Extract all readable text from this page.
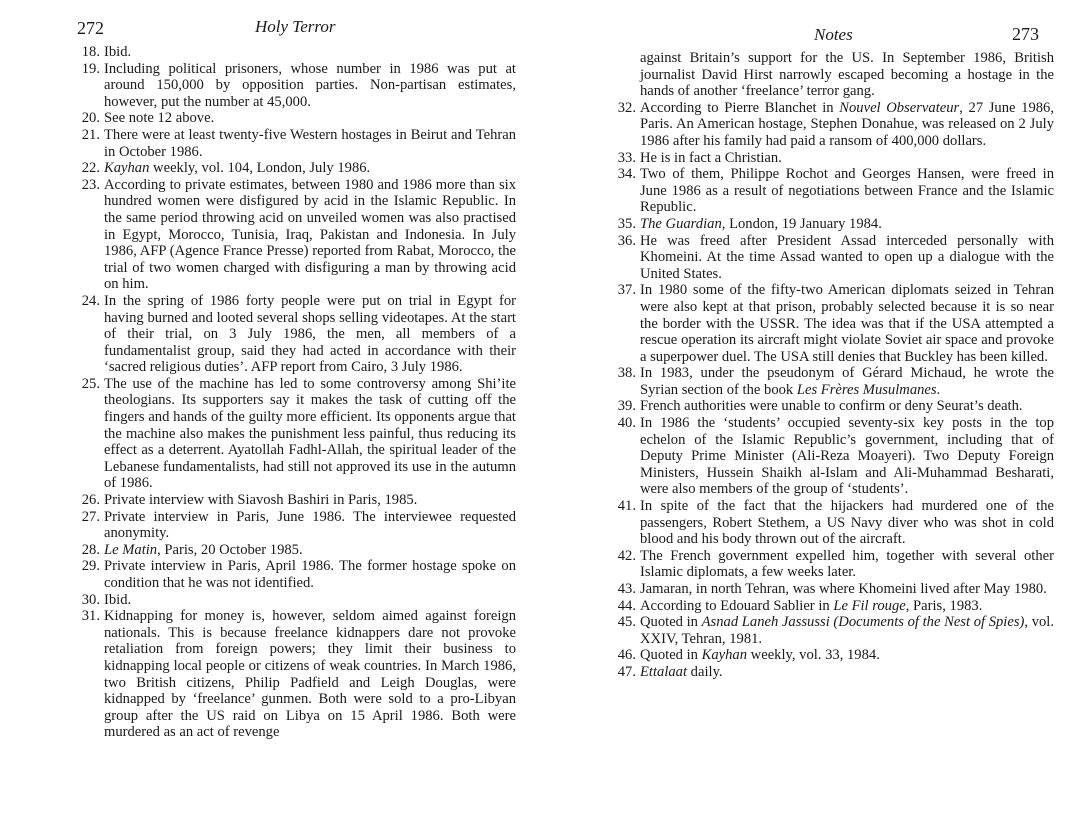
272	Holy Terror
18. Ibid.
19. Including political prisoners, whose number in 1986 was put at around 150,000 by opposition parties. Non-partisan estimates, however, put the number at 45,000.
20. See note 12 above.
21. There were at least twenty-five Western hostages in Beirut and Tehran in October 1986.
22. Kayhan weekly, vol. 104, London, July 1986.
23. According to private estimates, between 1980 and 1986 more than six hundred women were disfigured by acid in the Islamic Republic. In the same period throwing acid on unveiled women was also practised in Egypt, Morocco, Tunisia, Iraq, Pakistan and Indonesia. In July 1986, AFP (Agence France Presse) reported from Rabat, Morocco, the trial of two women charged with disfiguring a man by throwing acid on him.
24. In the spring of 1986 forty people were put on trial in Egypt for having burned and looted several shops selling videotapes. At the start of their trial, on 3 July 1986, the men, all members of a fundamentalist group, said they had acted in accordance with their ‘sacred religious duties’. AFP report from Cairo, 3 July 1986.
25. The use of the machine has led to some controversy among Shi’ite theologians. Its supporters say it makes the task of cutting off the fingers and hands of the guilty more efficient. Its opponents argue that the machine also makes the punishment less painful, thus reducing its effect as a deterrent. Ayatollah Fadhl-Allah, the spiritual leader of the Lebanese fundamentalists, had still not approved its use in the autumn of 1986.
26. Private interview with Siavosh Bashiri in Paris, 1985.
27. Private interview in Paris, June 1986. The interviewee requested anonymity.
28. Le Matin, Paris, 20 October 1985.
29. Private interview in Paris, April 1986. The former hostage spoke on condition that he was not identified.
30. Ibid.
31. Kidnapping for money is, however, seldom aimed against foreign nationals. This is because freelance kidnappers dare not provoke retaliation from foreign powers; they limit their business to kidnapping local people or citizens of weak countries. In March 1986, two British citizens, Philip Padfield and Leigh Douglas, were kidnapped by ‘freelance’ gunmen. Both were sold to a pro-Libyan group after the US raid on Libya on 15 April 1986. Both were murdered as an act of revenge
Notes	273
against Britain’s support for the US. In September 1986, British journalist David Hirst narrowly escaped becoming a hostage in the hands of another ‘freelance’ terror gang.
32. According to Pierre Blanchet in Nouvel Observateur, 27 June 1986, Paris. An American hostage, Stephen Donahue, was released on 2 July 1986 after his family had paid a ransom of 400,000 dollars.
33. He is in fact a Christian.
34. Two of them, Philippe Rochot and Georges Hansen, were freed in June 1986 as a result of negotiations between France and the Islamic Republic.
35. The Guardian, London, 19 January 1984.
36. He was freed after President Assad interceded personally with Khomeini. At the time Assad wanted to open up a dialogue with the United States.
37. In 1980 some of the fifty-two American diplomats seized in Tehran were also kept at that prison, probably selected because it is so near the border with the USSR. The idea was that if the USA attempted a rescue operation its aircraft might violate Soviet air space and provoke a superpower duel. The USA still denies that Buckley has been killed.
38. In 1983, under the pseudonym of Gérard Michaud, he wrote the Syrian section of the book Les Frères Musulmanes.
39. French authorities were unable to confirm or deny Seurat’s death.
40. In 1986 the ‘students’ occupied seventy-six key posts in the top echelon of the Islamic Republic’s government, including that of Deputy Prime Minister (Ali-Reza Moayeri). Two Deputy Foreign Ministers, Hussein Shaikh al-Islam and Ali-Muhammad Besharati, were also members of the group of ‘students’.
41. In spite of the fact that the hijackers had murdered one of the passengers, Robert Stethem, a US Navy diver who was shot in cold blood and his body thrown out of the aircraft.
42. The French government expelled him, together with several other Islamic diplomats, a few weeks later.
43. Jamaran, in north Tehran, was where Khomeini lived after May 1980.
44. According to Edouard Sablier in Le Fil rouge, Paris, 1983.
45. Quoted in Asnad Laneh Jassussi (Documents of the Nest of Spies), vol. XXIV, Tehran, 1981.
46. Quoted in Kayhan weekly, vol. 33, 1984.
47. Ettalaat daily.
